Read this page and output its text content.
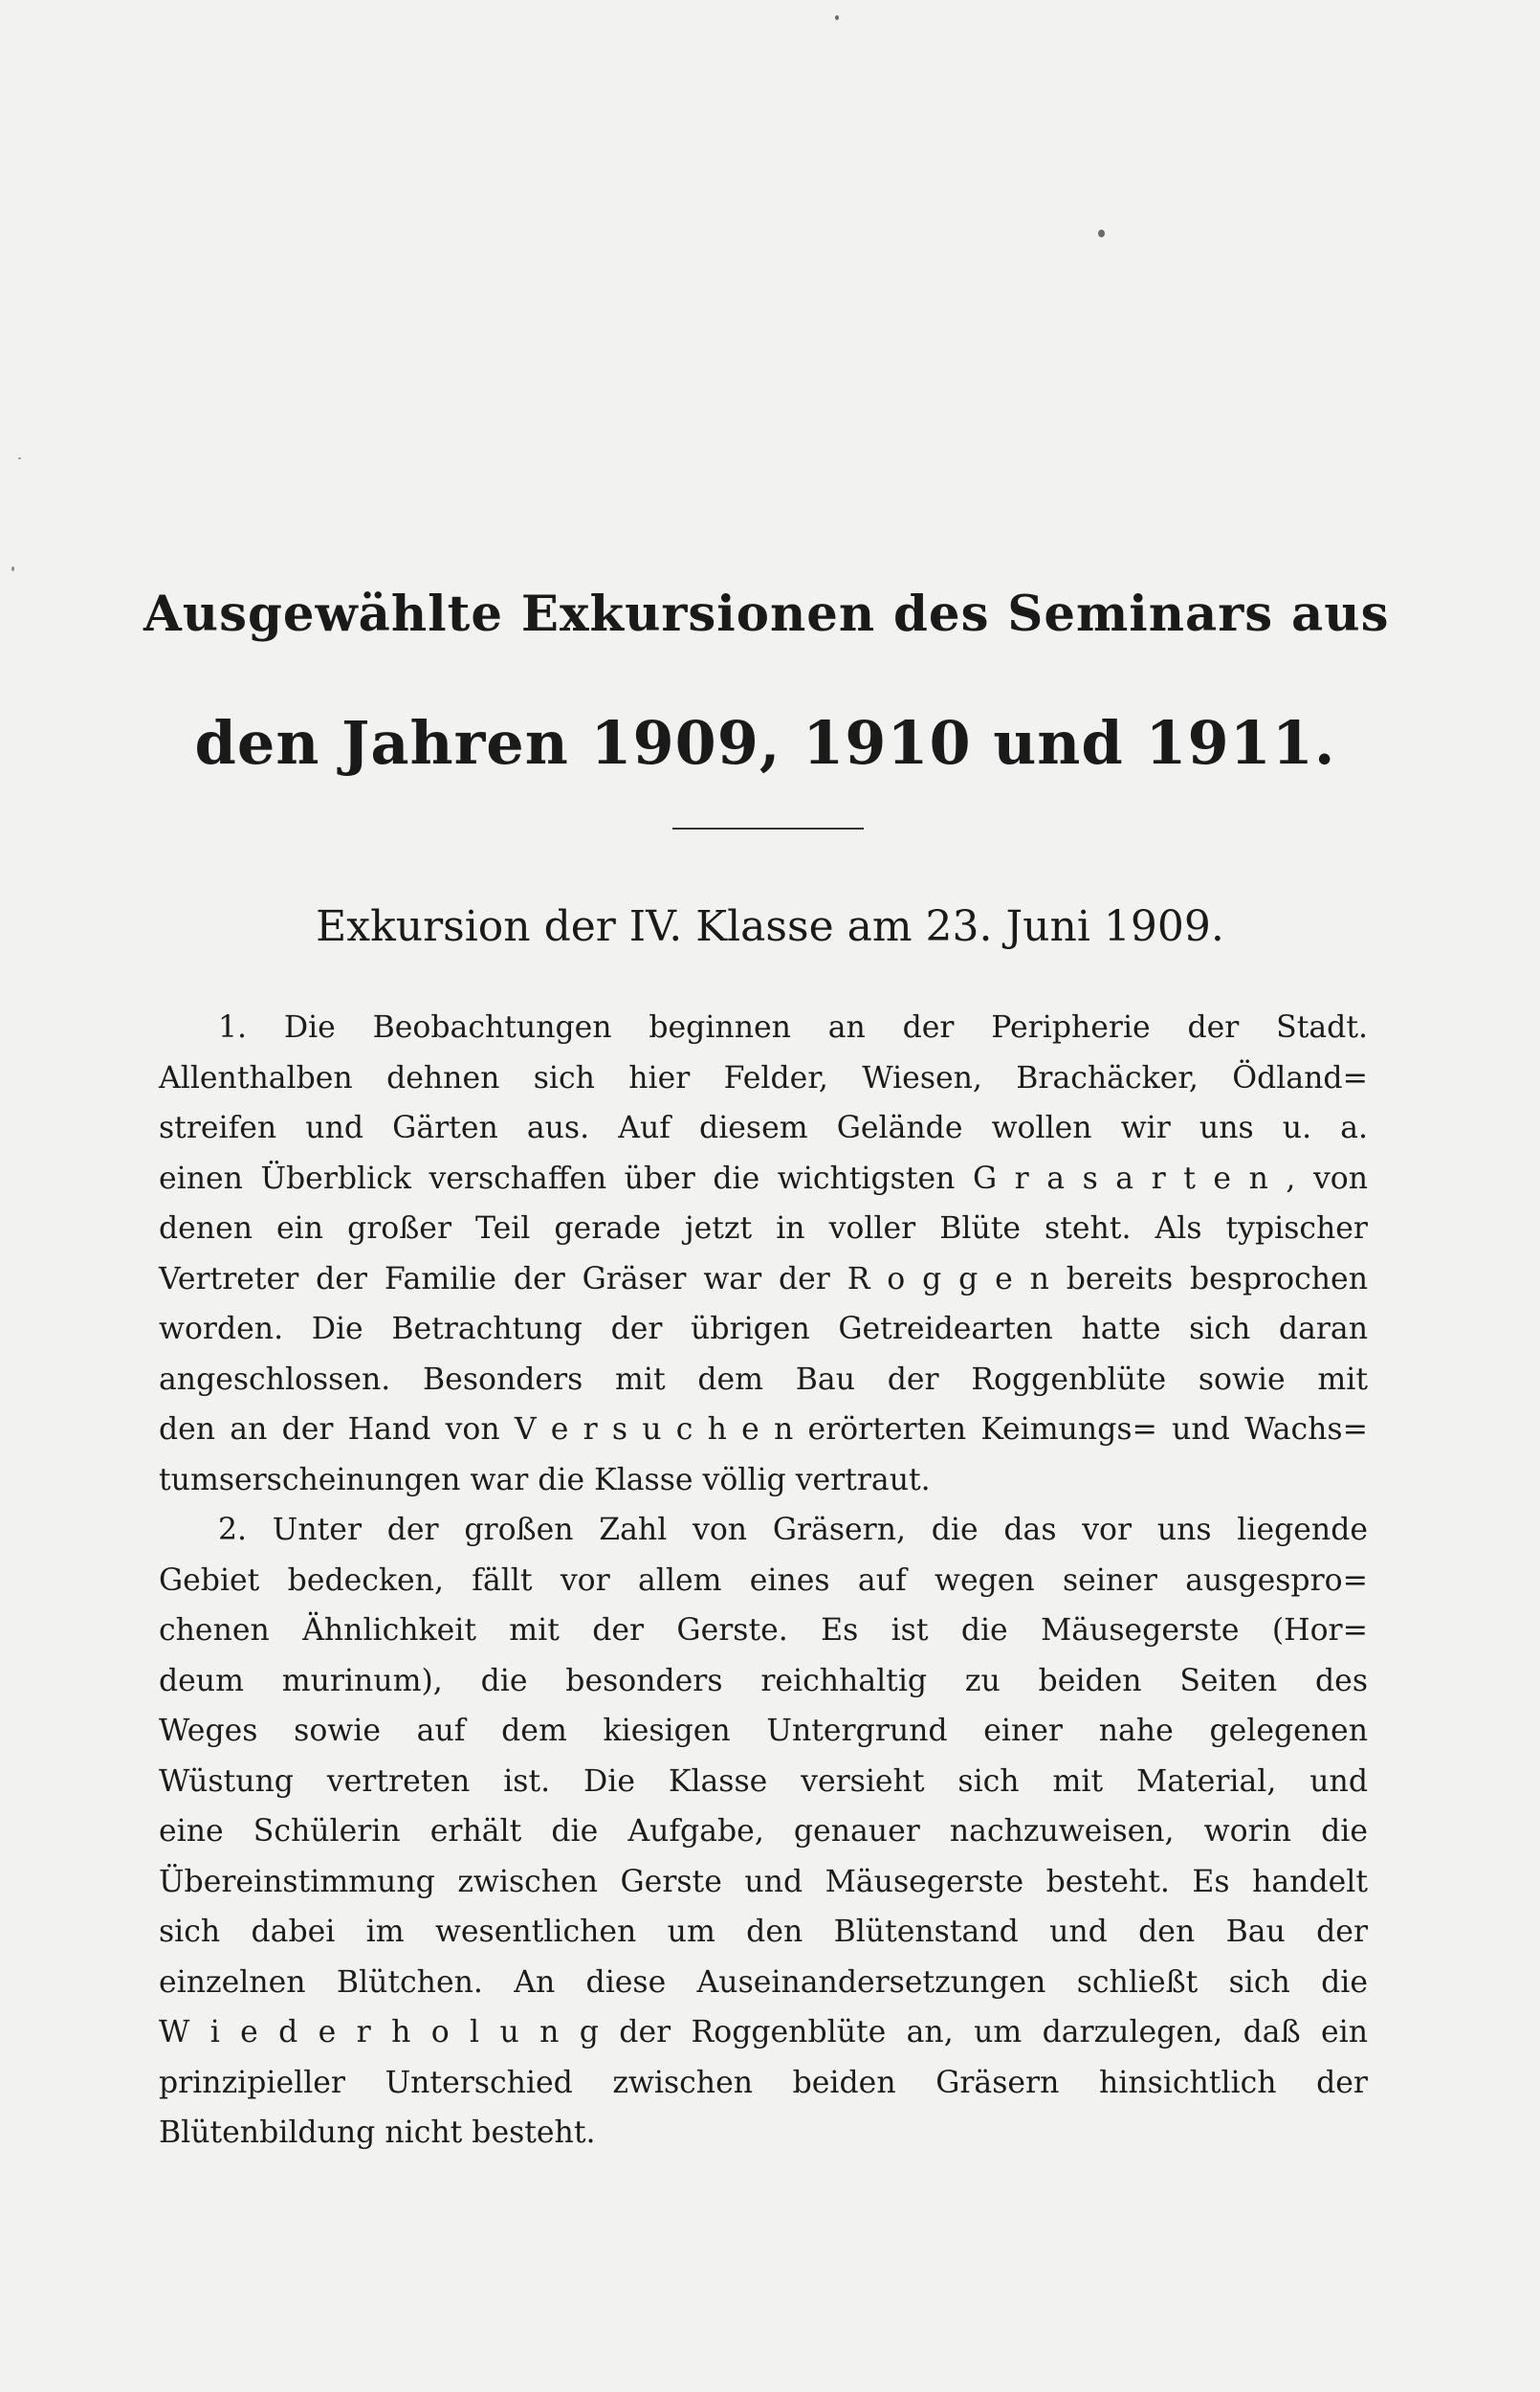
Ausgewählte Exkursionen des Seminars aus
den Jahren 1909, 1910 und 1911.
Exkursion der IV. Klasse am 23. Juni 1909.
1. Die Beobachtungen beginnen an der Peripherie der Stadt.
Allenthalben dehnen sich hier Felder, Wiesen, Brachäcker, Ödland=
streifen und Gärten aus. Auf diesem Gelände wollen wir uns u. a.
einen Überblick verschaffen über die wichtigsten G r a s a r t e n , von
denen ein großer Teil gerade jetzt in voller Blüte steht. Als typischer
Vertreter der Familie der Gräser war der R o g g e n bereits besprochen
worden. Die Betrachtung der übrigen Getreidearten hatte sich daran
angeschlossen. Besonders mit dem Bau der Roggenblüte sowie mit
den an der Hand von V e r s u c h e n erörterten Keimungs= und Wachs=
tumserscheinungen war die Klasse völlig vertraut.
2. Unter der großen Zahl von Gräsern, die das vor uns liegende
Gebiet bedecken, fällt vor allem eines auf wegen seiner ausgespro=
chenen Ähnlichkeit mit der Gerste. Es ist die Mäusegerste (Hor=
deum murinum), die besonders reichhaltig zu beiden Seiten des
Weges sowie auf dem kiesigen Untergrund einer nahe gelegenen
Wüstung vertreten ist. Die Klasse versieht sich mit Material, und
eine Schülerin erhält die Aufgabe, genauer nachzuweisen, worin die
Übereinstimmung zwischen Gerste und Mäusegerste besteht. Es handelt
sich dabei im wesentlichen um den Blütenstand und den Bau der
einzelnen Blütchen. An diese Auseinandersetzungen schließt sich die
W i e d e r h o l u n g der Roggenblüte an, um darzulegen, daß ein
prinzipieller Unterschied zwischen beiden Gräsern hinsichtlich der
Blütenbildung nicht besteht.
